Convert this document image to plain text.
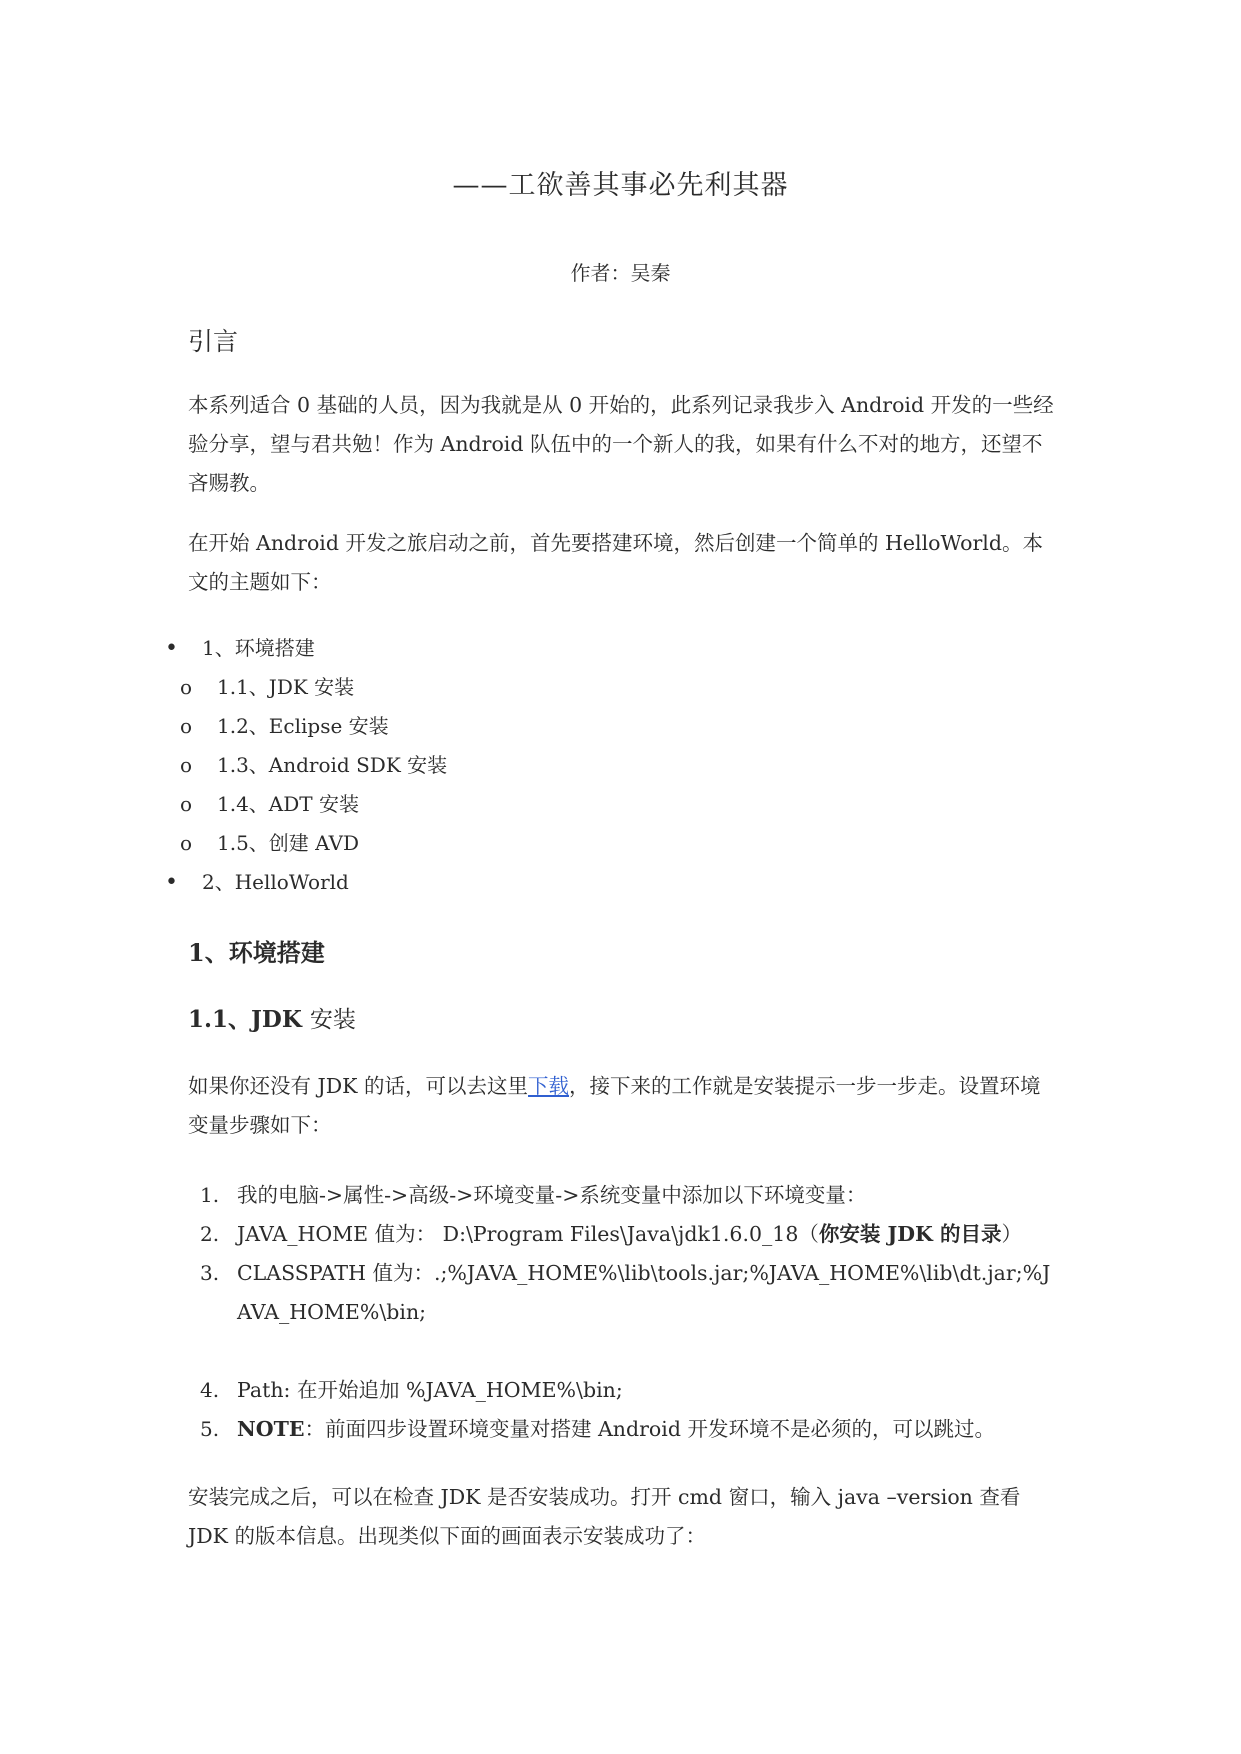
——工欲善其事必先利其器
作者：吴秦
引言
本系列适合 0 基础的人员，因为我就是从 0 开始的，此系列记录我步入 Android 开发的一些经验分享，望与君共勉！作为 Android 队伍中的一个新人的我，如果有什么不对的地方，还望不吝赐教。
在开始 Android 开发之旅启动之前，首先要搭建环境，然后创建一个简单的 HelloWorld。本文的主题如下：
• 1、环境搭建
o 1.1、JDK 安装
o 1.2、Eclipse 安装
o 1.3、Android SDK 安装
o 1.4、ADT 安装
o 1.5、创建 AVD
• 2、HelloWorld
1、环境搭建
1.1、JDK 安装
如果你还没有 JDK 的话，可以去这里下载，接下来的工作就是安装提示一步一步走。设置环境变量步骤如下：
1. 我的电脑->属性->高级->环境变量->系统变量中添加以下环境变量：
2. JAVA_HOME 值为： D:\Program Files\Java\jdk1.6.0_18（你安装 JDK 的目录）
3. CLASSPATH 值为：.;%JAVA_HOME%\lib\tools.jar;%JAVA_HOME%\lib\dt.jar;%JAVA_HOME%\bin;
4. Path: 在开始追加 %JAVA_HOME%\bin;
5. NOTE：前面四步设置环境变量对搭建 Android 开发环境不是必须的，可以跳过。
安装完成之后，可以在检查 JDK 是否安装成功。打开 cmd 窗口，输入 java –version 查看 JDK 的版本信息。出现类似下面的画面表示安装成功了：
